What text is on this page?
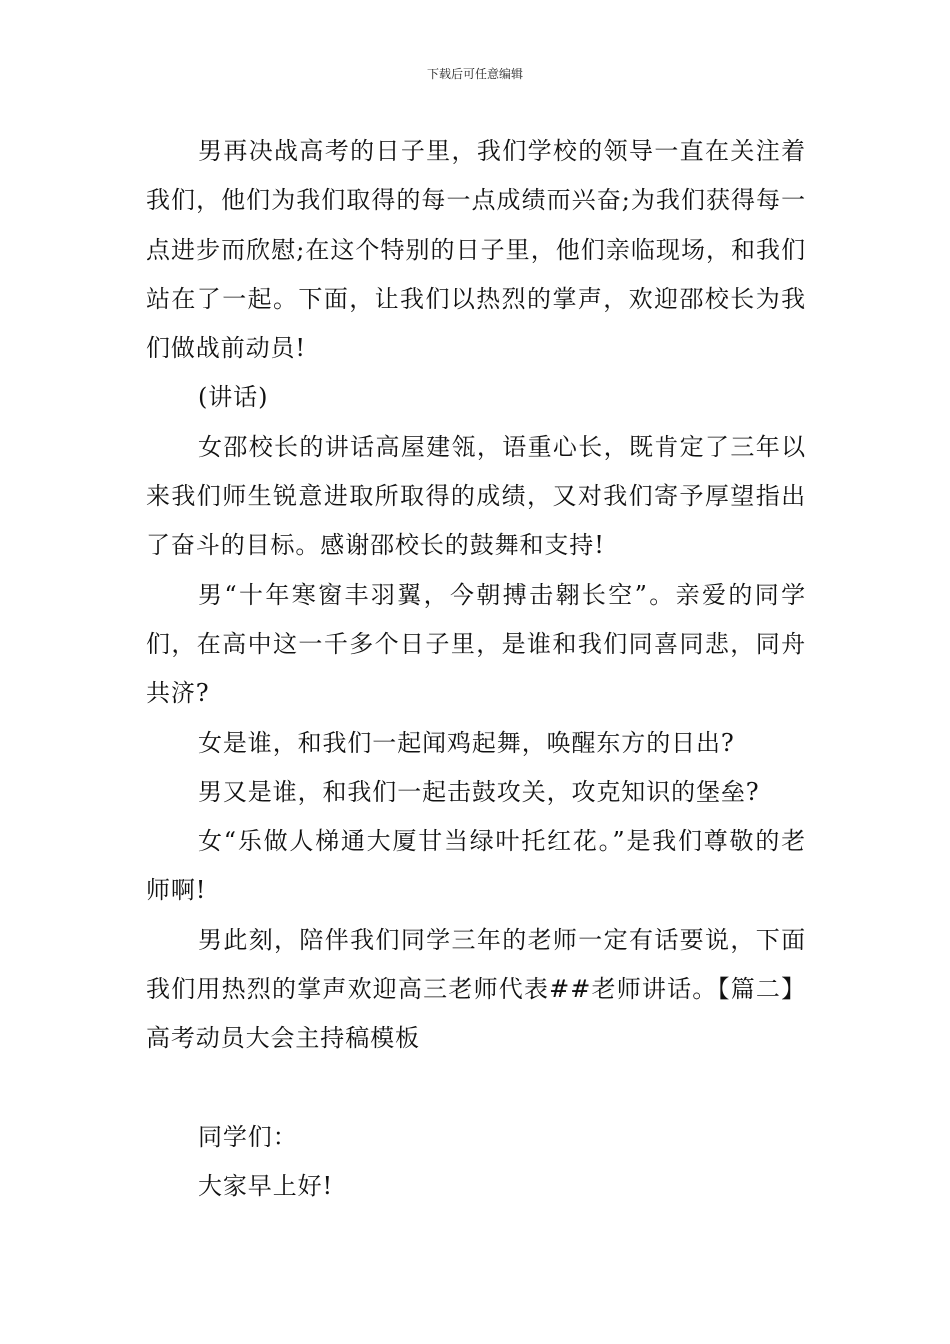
下载后可任意编辑

男再决战高考的日子里，我们学校的领导一直在关注着我们，他们为我们取得的每一点成绩而兴奋;为我们获得每一点进步而欣慰;在这个特别的日子里，他们亲临现场，和我们站在了一起。下面，让我们以热烈的掌声，欢迎邵校长为我们做战前动员!

(讲话)

女邵校长的讲话高屋建瓴，语重心长，既肯定了三年以来我们师生锐意进取所取得的成绩，又对我们寄予厚望指出了奋斗的目标。感谢邵校长的鼓舞和支持!

男“十年寒窗丰羽翼，今朝搏击翱长空”。亲爱的同学们，在高中这一千多个日子里，是谁和我们同喜同悲，同舟共济?

女是谁，和我们一起闻鸡起舞，唤醒东方的日出?

男又是谁，和我们一起击鼓攻关，攻克知识的堡垒?

女“乐做人梯通大厦甘当绿叶托红花。”是我们尊敬的老师啊!

男此刻，陪伴我们同学三年的老师一定有话要说，下面我们用热烈的掌声欢迎高三老师代表##老师讲话。【篇二】高考动员大会主持稿模板

同学们：

大家早上好!
